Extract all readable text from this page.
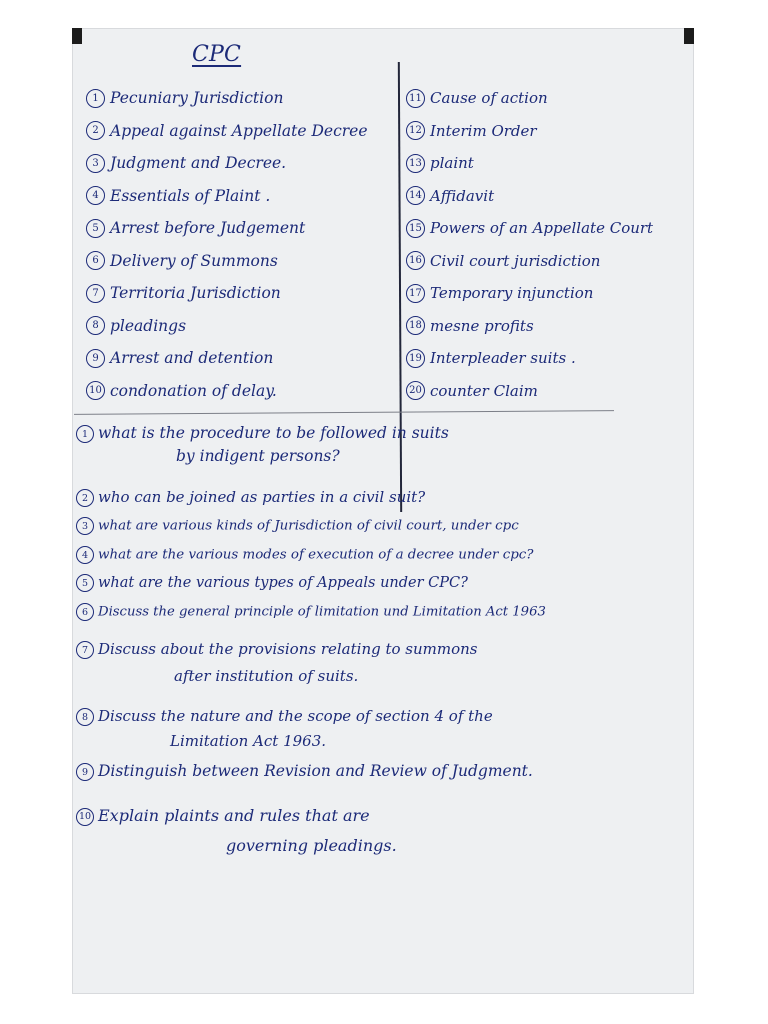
CPC
1 Pecuniary Jurisdiction
2 Appeal against Appellate Decree
3 Judgment and Decree.
4 Essentials of Plaint .
5 Arrest before Judgement
6 Delivery of Summons
7 Territoria Jurisdiction
8 pleadings
9 Arrest and detention
10 condonation of delay.
11 Cause of action
12 Interim Order
13 plaint
14 Affidavit
15 Powers of an Appellate Court
16 Civil court jurisdiction
17 Temporary injunction
18 mesne profits
19 Interpleader suits .
20 counter Claim
1 what is the procedure to be followed in suits
by indigent persons?
2 who can be joined as parties in a civil suit?
3 what are various kinds of Jurisdiction of civil court, under cpc
4 what are the various modes of execution of a decree under cpc?
5 what are the various types of Appeals under CPC?
6 Discuss the general principle of limitation und Limitation Act 1963
7 Discuss about the provisions relating to summons
after institution of suits.
8 Discuss the nature and the scope of section 4 of the
Limitation Act 1963.
9 Distinguish between Revision and Review of Judgment.
10 Explain plaints and rules that are
governing pleadings.
